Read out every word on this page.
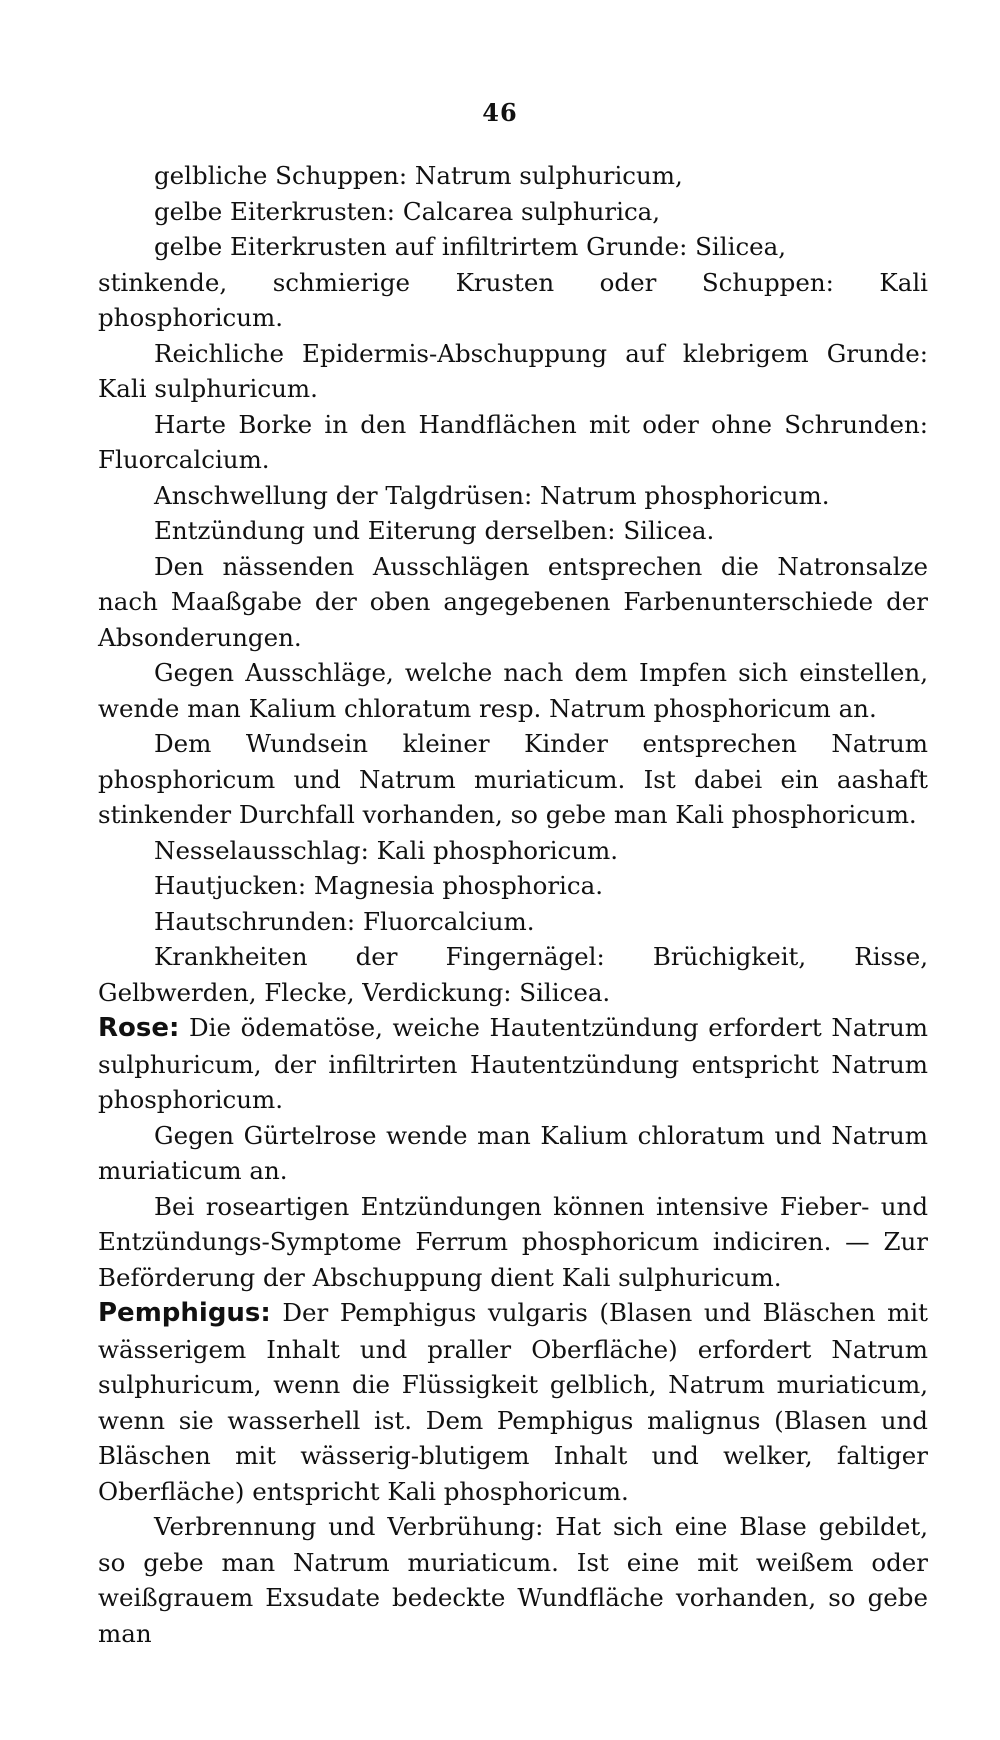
46

gelbliche Schuppen: Natrum sulphuricum,

gelbe Eiterkrusten: Calcarea sulphurica,

gelbe Eiterkrusten auf infiltrirtem Grunde: Silicea,

stinkende, schmierige Krusten oder Schuppen: Kali phosphoricum.

Reichliche Epidermis-Abschuppung auf klebrigem Grunde: Kali sulphuricum.

Harte Borke in den Handflächen mit oder ohne Schrunden: Fluorcalcium.

Anschwellung der Talgdrüsen: Natrum phosphoricum.

Entzündung und Eiterung derselben: Silicea.

Den nässenden Ausschlägen entsprechen die Natronsalze nach Maaßgabe der oben angegebenen Farbenunterschiede der Absonderungen.

Gegen Ausschläge, welche nach dem Impfen sich einstellen, wende man Kalium chloratum resp. Natrum phosphoricum an.

Dem Wundsein kleiner Kinder entsprechen Natrum phosphoricum und Natrum muriaticum. Ist dabei ein aashaft stinkender Durchfall vorhanden, so gebe man Kali phosphoricum.

Nesselausschlag: Kali phosphoricum.

Hautjucken: Magnesia phosphorica.

Hautschrunden: Fluorcalcium.

Krankheiten der Fingernägel: Brüchigkeit, Risse, Gelbwerden, Flecke, Verdickung: Silicea.

Rose: Die ödematöse, weiche Hautentzündung erfordert Natrum sulphuricum, der infiltrirten Hautentzündung entspricht Natrum phosphoricum.

Gegen Gürtelrose wende man Kalium chloratum und Natrum muriaticum an.

Bei roseartigen Entzündungen können intensive Fieber- und Entzündungs-Symptome Ferrum phosphoricum indiciren. — Zur Beförderung der Abschuppung dient Kali sulphuricum.

Pemphigus: Der Pemphigus vulgaris (Blasen und Bläschen mit wässerigem Inhalt und praller Oberfläche) erfordert Natrum sulphuricum, wenn die Flüssigkeit gelblich, Natrum muriaticum, wenn sie wasserhell ist. Dem Pemphigus malignus (Blasen und Bläschen mit wässerig-blutigem Inhalt und welker, faltiger Oberfläche) entspricht Kali phosphoricum.

Verbrennung und Verbrühung: Hat sich eine Blase gebildet, so gebe man Natrum muriaticum. Ist eine mit weißem oder weißgrauem Exsudate bedeckte Wundfläche vorhanden, so gebe man
